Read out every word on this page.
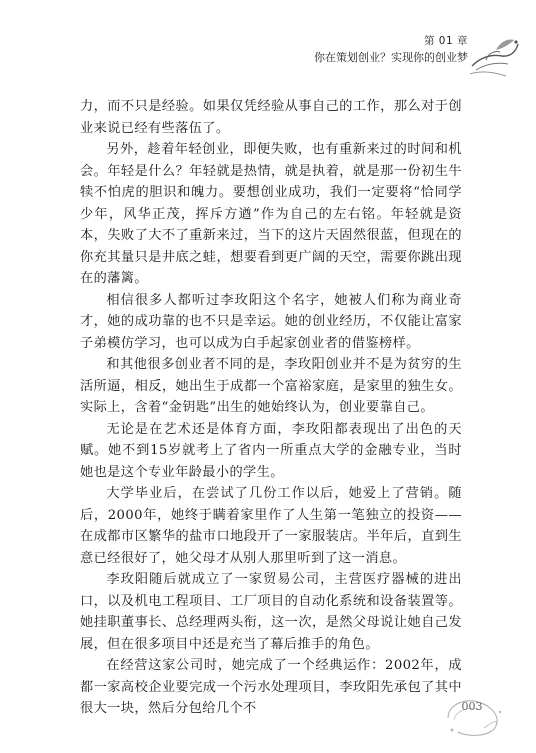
第 01 章
你在策划创业？实现你的创业梦

力，而不只是经验。如果仅凭经验从事自己的工作，那么对于创业来说已经有些落伍了。

另外，趁着年轻创业，即便失败，也有重新来过的时间和机会。年轻是什么？年轻就是热情，就是执着，就是那一份初生牛犊不怕虎的胆识和魄力。要想创业成功，我们一定要将“恰同学少年，风华正茂，挥斥方遒”作为自己的左右铭。年轻就是资本，失败了大不了重新来过，当下的这片天固然很蓝，但现在的你充其量只是井底之蛙，想要看到更广阔的天空，需要你跳出现在的藩篱。

相信很多人都听过李玫阳这个名字，她被人们称为商业奇才，她的成功靠的也不只是幸运。她的创业经历，不仅能让富家子弟模仿学习，也可以成为白手起家创业者的借鉴榜样。

和其他很多创业者不同的是，李玫阳创业并不是为贫穷的生活所逼，相反，她出生于成都一个富裕家庭，是家里的独生女。实际上，含着“金钥匙”出生的她始终认为，创业要靠自己。

无论是在艺术还是体育方面，李玫阳都表现出了出色的天赋。她不到15岁就考上了省内一所重点大学的金融专业，当时她也是这个专业年龄最小的学生。

大学毕业后，在尝试了几份工作以后，她爱上了营销。随后，2000年，她终于瞒着家里作了人生第一笔独立的投资——在成都市区繁华的盐市口地段开了一家服装店。半年后，直到生意已经很好了，她父母才从别人那里听到了这一消息。

李玫阳随后就成立了一家贸易公司，主营医疗器械的进出口，以及机电工程项目、工厂项目的自动化系统和设备装置等。她挂职董事长、总经理两头衔，这一次，是然父母说让她自己发展，但在很多项目中还是充当了幕后推手的角色。

在经营这家公司时，她完成了一个经典运作：2002年，成都一家高校企业要完成一个污水处理项目，李玫阳先承包了其中很大一块，然后分包给几个不	003
